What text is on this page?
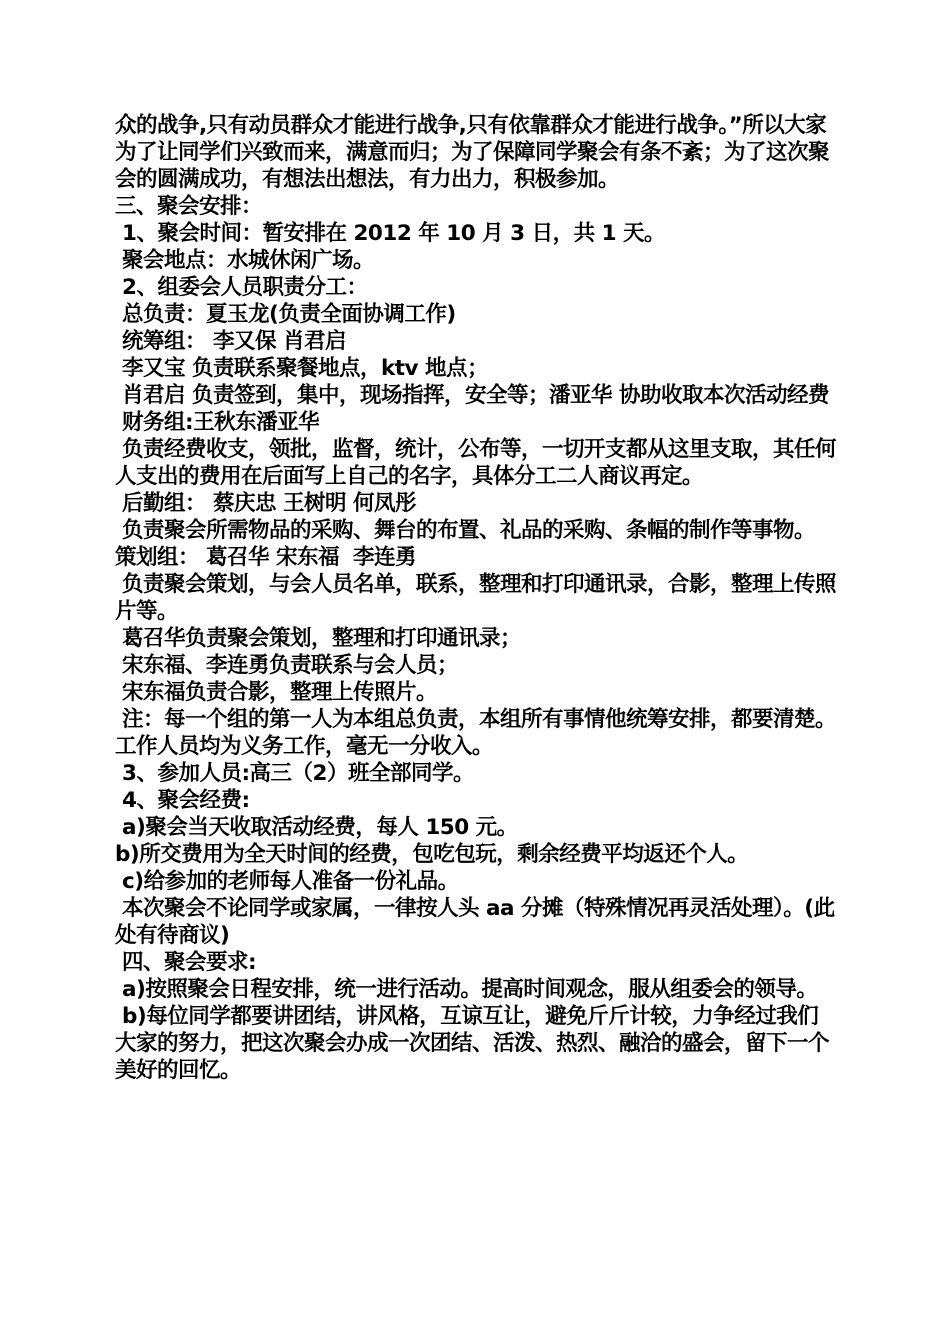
众的战争,只有动员群众才能进行战争,只有依靠群众才能进行战争。”所以大家为了让同学们兴致而来，满意而归；为了保障同学聚会有条不紊；为了这次聚会的圆满成功，有想法出想法，有力出力，积极参加。

三、聚会安排：

1、聚会时间：暂安排在 2012 年 10 月 3 日，共 1 天。

聚会地点：水城休闲广场。

2、组委会人员职责分工：

总负责：夏玉龙(负责全面协调工作)

统筹组： 李又保 肖君启

李又宝 负责联系聚餐地点，ktv 地点；

肖君启 负责签到，集中，现场指挥，安全等；潘亚华 协助收取本次活动经费

财务组:王秋东潘亚华

负责经费收支，领批，监督，统计，公布等，一切开支都从这里支取，其任何人支出的费用在后面写上自己的名字，具体分工二人商议再定。

后勤组： 蔡庆忠 王树明 何凤彤

负责聚会所需物品的采购、舞台的布置、礼品的采购、条幅的制作等事物。 策划组： 葛召华 宋东福  李连勇

负责聚会策划，与会人员名单，联系，整理和打印通讯录，合影，整理上传照片等。

葛召华负责聚会策划，整理和打印通讯录；

宋东福、李连勇负责联系与会人员；

宋东福负责合影，整理上传照片。

注：每一个组的第一人为本组总负责，本组所有事情他统筹安排，都要清楚。 工作人员均为义务工作，毫无一分收入。

3、参加人员:高三（2）班全部同学。

4、聚会经费:

a)聚会当天收取活动经费，每人 150 元。

b)所交费用为全天时间的经费，包吃包玩，剩余经费平均返还个人。

c)给参加的老师每人准备一份礼品。

本次聚会不论同学或家属，一律按人头 aa 分摊（特殊情况再灵活处理）。(此处有待商议)

四、聚会要求:

a)按照聚会日程安排，统一进行活动。提高时间观念，服从组委会的领导。

b)每位同学都要讲团结，讲风格，互谅互让，避免斤斤计较，力争经过我们大家的努力，把这次聚会办成一次团结、活泼、热烈、融洽的盛会，留下一个美好的回忆。
